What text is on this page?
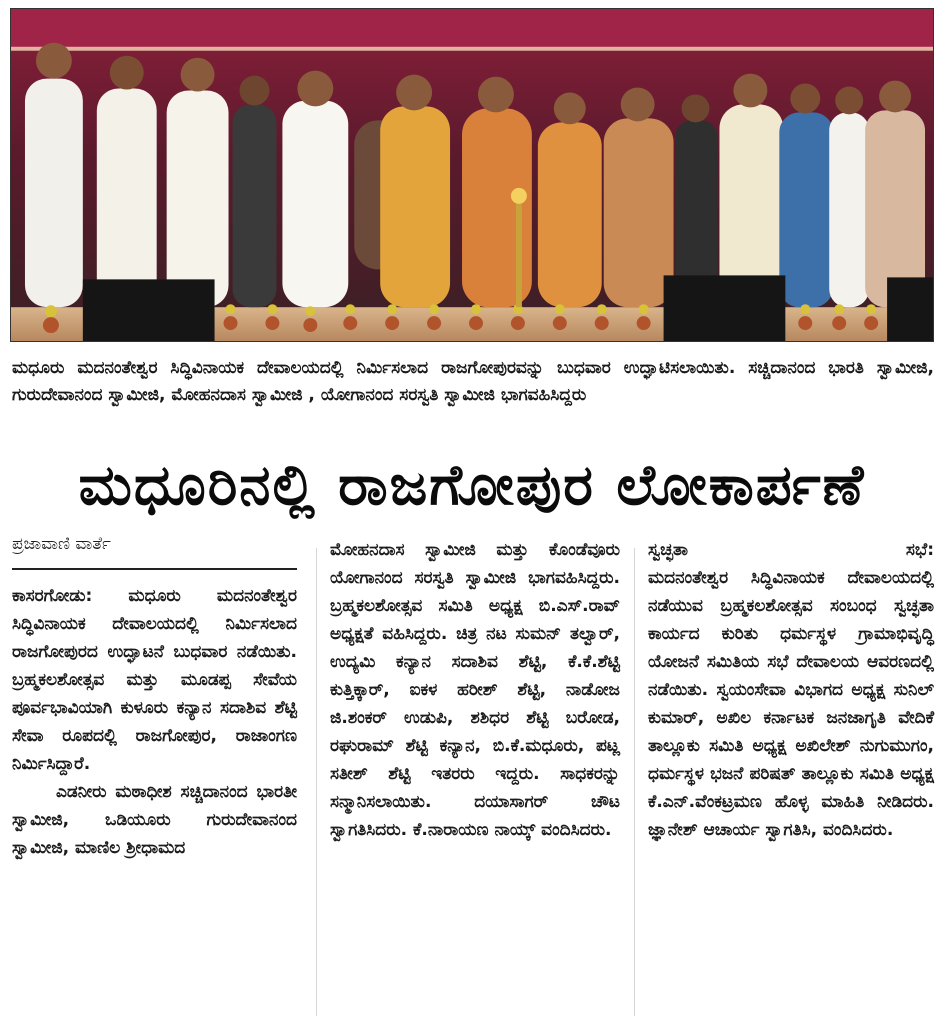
ಮಧೂರು ಮದನಂತೇಶ್ವರ ಸಿದ್ಧಿವಿನಾಯಕ ದೇವಾಲಯದಲ್ಲಿ ನಿರ್ಮಿಸಲಾದ ರಾಜಗೋಪುರವನ್ನು ಬುಧವಾರ ಉದ್ಘಾಟಿಸಲಾಯಿತು. ಸಚ್ಚಿದಾನಂದ ಭಾರತಿ ಸ್ವಾಮೀಜಿ, ಗುರುದೇವಾನಂದ ಸ್ವಾಮೀಜಿ, ಮೋಹನದಾಸ ಸ್ವಾಮೀಜಿ , ಯೋಗಾನಂದ ಸರಸ್ವತಿ ಸ್ವಾಮೀಜಿ ಭಾಗವಹಿಸಿದ್ದರು
ಮಧೂರಿನಲ್ಲಿ ರಾಜಗೋಪುರ ಲೋಕಾರ್ಪಣೆ
ಪ್ರಜಾವಾಣಿ ವಾರ್ತೆ

ಕಾಸರಗೋಡು: ಮಧೂರು ಮದನಂತೇಶ್ವರ ಸಿದ್ಧಿವಿನಾಯಕ ದೇವಾಲಯದಲ್ಲಿ ನಿರ್ಮಿಸಲಾದ ರಾಜಗೋಪುರದ ಉದ್ಘಾಟನೆ ಬುಧವಾರ ನಡೆಯಿತು. ಬ್ರಹ್ಮಕಲಶೋತ್ಸವ ಮತ್ತು ಮೂಡಪ್ಪ ಸೇವೆಯ ಪೂರ್ವಭಾವಿಯಾಗಿ ಕುಳೂರು ಕನ್ಯಾನ ಸದಾಶಿವ ಶೆಟ್ಟಿ ಸೇವಾ ರೂಪದಲ್ಲಿ ರಾಜಗೋಪುರ, ರಾಜಾಂಗಣ ನಿರ್ಮಿಸಿದ್ದಾರೆ.

ಎಡನೀರು ಮಠಾಧೀಶ ಸಚ್ಚಿದಾನಂದ ಭಾರತೀ ಸ್ವಾಮೀಜಿ, ಒಡಿಯೂರು ಗುರುದೇವಾನಂದ ಸ್ವಾಮೀಜಿ, ಮಾಣಿಲ ಶ್ರೀಧಾಮದ

ಮೋಹನದಾಸ ಸ್ವಾಮೀಜಿ ಮತ್ತು ಕೊಂಡೆವೂರು ಯೋಗಾನಂದ ಸರಸ್ವತಿ ಸ್ವಾಮೀಜಿ ಭಾಗವಹಿಸಿದ್ದರು. ಬ್ರಹ್ಮಕಲಶೋತ್ಸವ ಸಮಿತಿ ಅಧ್ಯಕ್ಷ ಬಿ.ಎಸ್.ರಾವ್ ಅಧ್ಯಕ್ಷತೆ ವಹಿಸಿದ್ದರು. ಚಿತ್ರ ನಟ ಸುಮನ್ ತಲ್ವಾರ್, ಉದ್ಯಮಿ ಕನ್ಯಾನ ಸದಾಶಿವ ಶೆಟ್ಟಿ, ಕೆ.ಕೆ.ಶೆಟ್ಟಿ ಕುತ್ತಿಕ್ಕಾರ್, ಐಕಳ ಹರೀಶ್ ಶೆಟ್ಟಿ, ನಾಡೋಜ ಜಿ.ಶಂಕರ್ ಉಡುಪಿ, ಶಶಿಧರ ಶೆಟ್ಟಿ ಬರೋಡ, ರಘುರಾಮ್ ಶೆಟ್ಟಿ ಕನ್ಯಾನ, ಬಿ.ಕೆ.ಮಧೂರು, ಪಟ್ಲ ಸತೀಶ್ ಶೆಟ್ಟಿ ಇತರರು ಇದ್ದರು. ಸಾಧಕರನ್ನು ಸನ್ಮಾನಿಸಲಾಯಿತು. ದಯಾಸಾಗರ್ ಚೌಟ ಸ್ವಾಗತಿಸಿದರು. ಕೆ.ನಾರಾಯಣ ನಾಯ್ಕ್ ವಂದಿಸಿದರು.

ಸ್ವಚ್ಛತಾ	ಸಭೆ:

ಮದನಂತೇಶ್ವರ ಸಿದ್ಧಿವಿನಾಯಕ ದೇವಾಲಯದಲ್ಲಿ ನಡೆಯುವ ಬ್ರಹ್ಮಕಲಶೋತ್ಸವ ಸಂಬಂಧ ಸ್ವಚ್ಛತಾ ಕಾರ್ಯದ ಕುರಿತು ಧರ್ಮಸ್ಥಳ ಗ್ರಾಮಾಭಿವೃದ್ಧಿ ಯೋಜನೆ ಸಮಿತಿಯ ಸಭೆ ದೇವಾಲಯ ಆವರಣದಲ್ಲಿ ನಡೆಯಿತು. ಸ್ವಯಂಸೇವಾ ವಿಭಾಗದ ಅಧ್ಯಕ್ಷ ಸುನಿಲ್ ಕುಮಾರ್, ಅಖಿಲ ಕರ್ನಾಟಕ ಜನಜಾಗೃತಿ ವೇದಿಕೆ ತಾಲ್ಲೂಕು ಸಮಿತಿ ಅಧ್ಯಕ್ಷ ಅಖಿಲೇಶ್ ನುಗುಮುಗಂ, ಧರ್ಮಸ್ಥಳ ಭಜನೆ ಪರಿಷತ್ ತಾಲ್ಲೂಕು ಸಮಿತಿ ಅಧ್ಯಕ್ಷ ಕೆ.ಎನ್.ವೆಂಕಟ್ರಮಣ ಹೊಳ್ಳ ಮಾಹಿತಿ ನೀಡಿದರು. ಜ್ಞಾನೇಶ್ ಆಚಾರ್ಯ ಸ್ವಾಗತಿಸಿ, ವಂದಿಸಿದರು.
